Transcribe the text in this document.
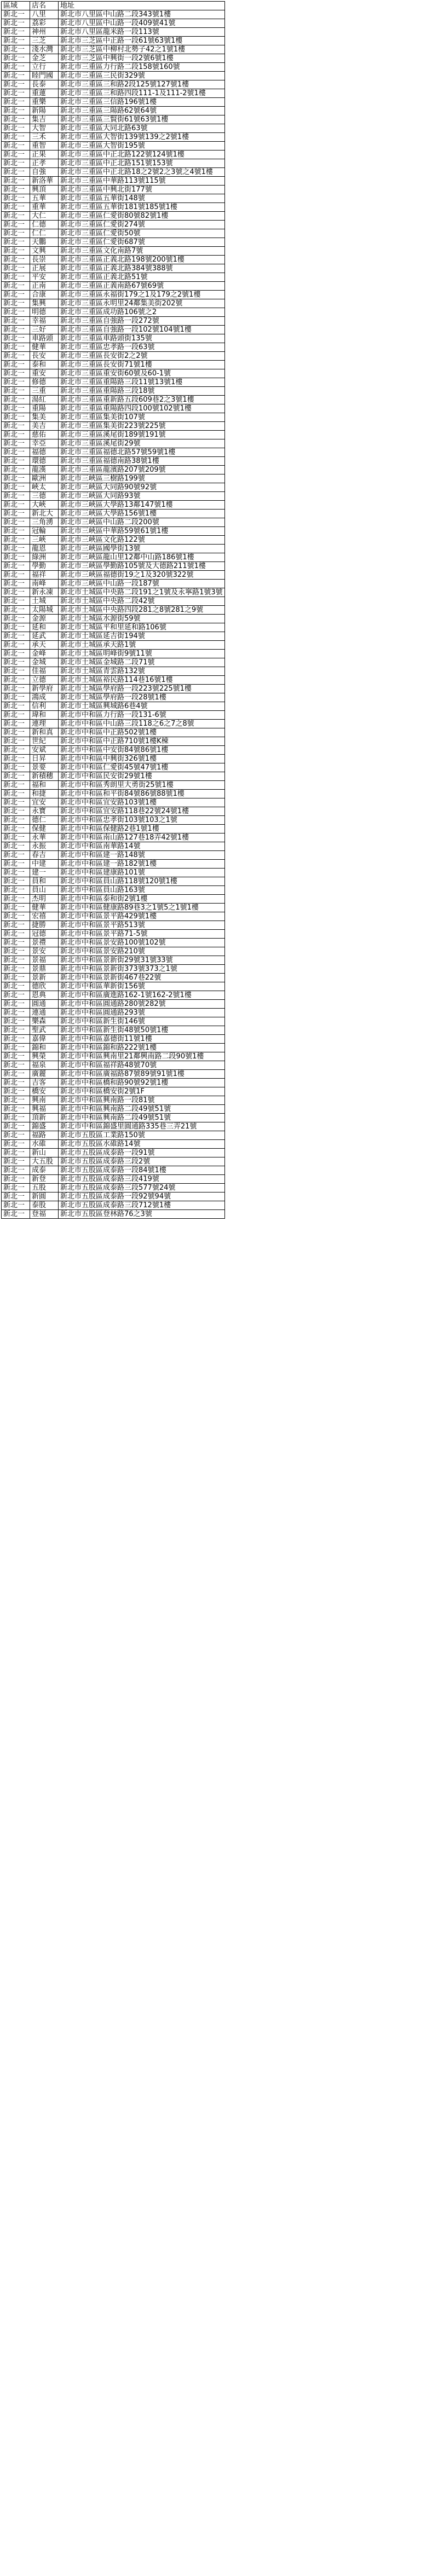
區域	店名	地址
新北一	八里	新北市八里區中山路二段343號1樓
新北一	荔彩	新北市八里區中山路一段409號41號
新北一	神州	新北市八里區龍米路一段113號
新北一	三芝	新北市三芝區中正路一段61號63號1樓
新北一	淺水灣	新北市三芝區中柳村北勢子42之1號1樓
新北一	金芝	新北市三芝區中興街一段2號6號1樓
新北一	立行	新北市三重區力行路二段158號160號
新北一	睦門國	新北市三重區三民街329號
新北一	長泰	新北市三重區三和路2段125號127號1樓
新北一	重蓮	新北市三重區三和路四段111-1及111-2號1樓
新北一	重樂	新北市三重區三信路196號1樓
新北一	新陽	新北市三重區三陽路62號64號
新北一	集吉	新北市三重區三賢街61號63號1樓
新北一	大智	新北市三重區大同北路63號
新北一	三禾	新北市三重區大智街139號139之2號1樓
新北一	重智	新北市三重區大智街195號
新北一	正果	新北市三重區中正北路122號124號1樓
新北一	正孝	新北市三重區中正北路151號153號
新北一	自強	新北市三重區中正北路18之2號2之3號之4號1樓
新北一	新洛華	新北市三重區中華路113號115號
新北一	興頂	新北市三重區中興北街177號
新北一	五華	新北市三重區五華街148號
新北一	重華	新北市三重區五華街181號185號1樓
新北一	大仁	新北市三重區仁愛街80號82號1樓
新北一	仁德	新北市三重區仁愛街274號
新北一	仁仁	新北市三重區仁愛街50號
新北一	天鵬	新北市三重區仁愛街687號
新北一	文興	新北市三重區文化南路7號
新北一	長崇	新北市三重區正義北路198號200號1樓
新北一	正展	新北市三重區正義北路384號388號
新北一	平安	新北市三重區正義北路51號
新北一	正南	新北市三重區正義南路67號69號
新北一	合康	新北市三重區永福街179之1及179之2號1樓
新北一	集興	新北市三重區永明里24鄰集美街202號
新北一	明德	新北市三重區成功路106號之2
新北一	幸福	新北市三重區自強路一段272號
新北一	三好	新北市三重區自強路一段102號104號1樓
新北一	車路頭	新北市三重區車路頭街135號
新北一	健華	新北市三重區忠孝路一段63號
新北一	長安	新北市三重區長安街2之2號
新北一	泰和	新北市三重區長安街71號1樓
新北一	重安	新北市三重區重安街60號及60-1號
新北一	修德	新北市三重區重陽路三段11號13號1樓
新北一	三重	新北市三重區重陽路三段18號
新北一	湯紅	新北市三重區重新路五段609巷2之3號1樓
新北一	重陽	新北市三重區重陽路四段100號102號1樓
新北一	集美	新北市三重區集美街107號
新北一	美吉	新北市三重區集美街223號225號
新北一	慈佑	新北市三重區溪尾街189號191號
新北一	幸亞	新北市三重區溪尾街29號
新北一	福德	新北市三重區福德北路57號59號1樓
新北一	環德	新北市三重區福德南路38號1樓
新北一	龍漢	新北市三重區龍濱路207號209號
新北一	歐洲	新北市三峽區三樹路199號
新北一	峽太	新北市三峽區大同路90號92號
新北一	三德	新北市三峽區大同路93號
新北一	大峽	新北市三峽區大學路13鄰147號1樓
新北一	新北大	新北市三峽區大學路156號1樓
新北一	三角湧	新北市三峽區中山路二段200號
新北一	冠輪	新北市三峽區中華路59號61號1樓
新北一	三峽	新北市三峽區文化路122號
新北一	龍恩	新北市三峽區國學街13號
新北一	綠洲	新北市三峽區龍山里12鄰中山路186號1樓
新北一	學勤	新北市三峽區學勤路105號及大德路211號1樓
新北一	福祥	新北市三峽區福德街19之1及320號322號
新北一	南峰	新北市三峽區中山路一段187號
新北一	新永凍	新北市土城區中央路二段191之1號及永寧路1號3號
新北一	土城	新北市土城區中央路二段42號
新北一	太陽城	新北市土城區中央路四段281之8號281之9號
新北一	金源	新北市土城區水源街59號
新北一	延和	新北市土城區平和里延和路106號
新北一	延武	新北市土城區延吉街194號
新北一	承天	新北市土城區承天路1號
新北一	金峰	新北市土城區明峰街9號11號
新北一	金城	新北市土城區金城路二段71號
新北一	佳福	新北市土城區青雲路132號
新北一	立德	新北市土城區裕民路114巷16號1樓
新北一	新學府	新北市土城區學府路一段223號225號1樓
新北一	鴻成	新北市土城區學府路一段28號1樓
新北一	信利	新北市土城區興城路6巷4號
新北一	瑋和	新北市中和區力行路一段131-6號
新北一	連理	新北市中和區中山路三段118之6之7之8號
新北一	新和真	新北市中和區中正路502號1樓
新北一	世紀	新北市中和區中正路710號1樓K棟
新北一	安斌	新北市中和區中安街84號86號1樓
新北一	日昇	新北市中和區中興街326號1樓
新北一	景要	新北市中和區仁愛街45號47號1樓
新北一	新積穗	新北市中和區民安街29號1樓
新北一	福和	新北市中和區秀朗里大勇街25號1樓
新北一	和捷	新北市中和區和平街84號86號88號1樓
新北一	宜安	新北市中和區宜安路103號1樓
新北一	永寶	新北市中和區宜安路118巷22號24號1樓
新北一	德仁	新北市中和區忠孝街103號103之1號
新北一	保健	新北市中和區保健路2巷1號1樓
新北一	永華	新北市中和區南山路127巷18弄42號1樓
新北一	永振	新北市中和區南華路14號
新北一	春吉	新北市中和區建一路148號
新北一	中建	新北市中和區建一路182號1樓
新北一	建一	新北市中和區建康路101號
新北一	員和	新北市中和區員山路118號120號1樓
新北一	員山	新北市中和區員山路163號
新北一	杰明	新北市中和區泰和街2號1樓
新北一	健華	新北市中和區健康路89巷3之1號5之1號1樓
新北一	宏禧	新北市中和區景平路429號1樓
新北一	捷勝	新北市中和區景平路513號
新北一	冠德	新北市中和區景平路71-5號
新北一	景禮	新北市中和區景安路100號102號
新北一	景安	新北市中和區景安路210號
新北一	景福	新北市中和區景新街29號31號33號
新北一	景鼎	新北市中和區景新街373號373之1號
新北一	景新	新北市中和區景新街467巷22號
新北一	德欣	新北市中和區華新街156號
新北一	恩典	新北市中和區廣進路162-1號162-2號1樓
新北一	圓通	新北市中和區圓通路280號282號
新北一	連通	新北市中和區圓通路293號
新北一	樂森	新北市中和區新生街146號
新北一	聖武	新北市中和區新生街48號50號1樓
新北一	嘉偉	新北市中和區嘉德街11號1樓
新北一	錦和	新北市中和區錦和路222號1樓
新北一	興榮	新北市中和區興南里21鄰興南路二段90號1樓
新北一	福泉	新北市中和區福祥路48號70號
新北一	廣麗	新北市中和區廣福路87號89號91號1樓
新北一	吉客	新北市中和區橋和路90號92號1樓
新北一	橋安	新北市中和區橋安街2號1F
新北一	興南	新北市中和區興南路一段81號
新北一	興福	新北市中和區興南路二段49號51號
新北一	頂新	新北市中和區興南路二段49號51號
新北一	錦盛	新北市中和區錦盛里圓通路335巷三弄21號
新北一	福路	新北市五股區工業路150號
新北一	水碓	新北市五股區水碓路14號
新北一	新山	新北市五股區成泰路一段91號
新北一	大五股	新北市五股區成泰路三段2號
新北一	成泰	新北市五股區成泰路一段84號1樓
新北一	新登	新北市五股區成泰路三段419號
新北一	五股	新北市五股區成泰路三段577號24號
新北一	新圓	新北市五股區成泰路一段92號94號
新北一	泰股	新北市五股區成泰路三段712號1樓
新北一	登福	新北市五股區登林路76之3號
